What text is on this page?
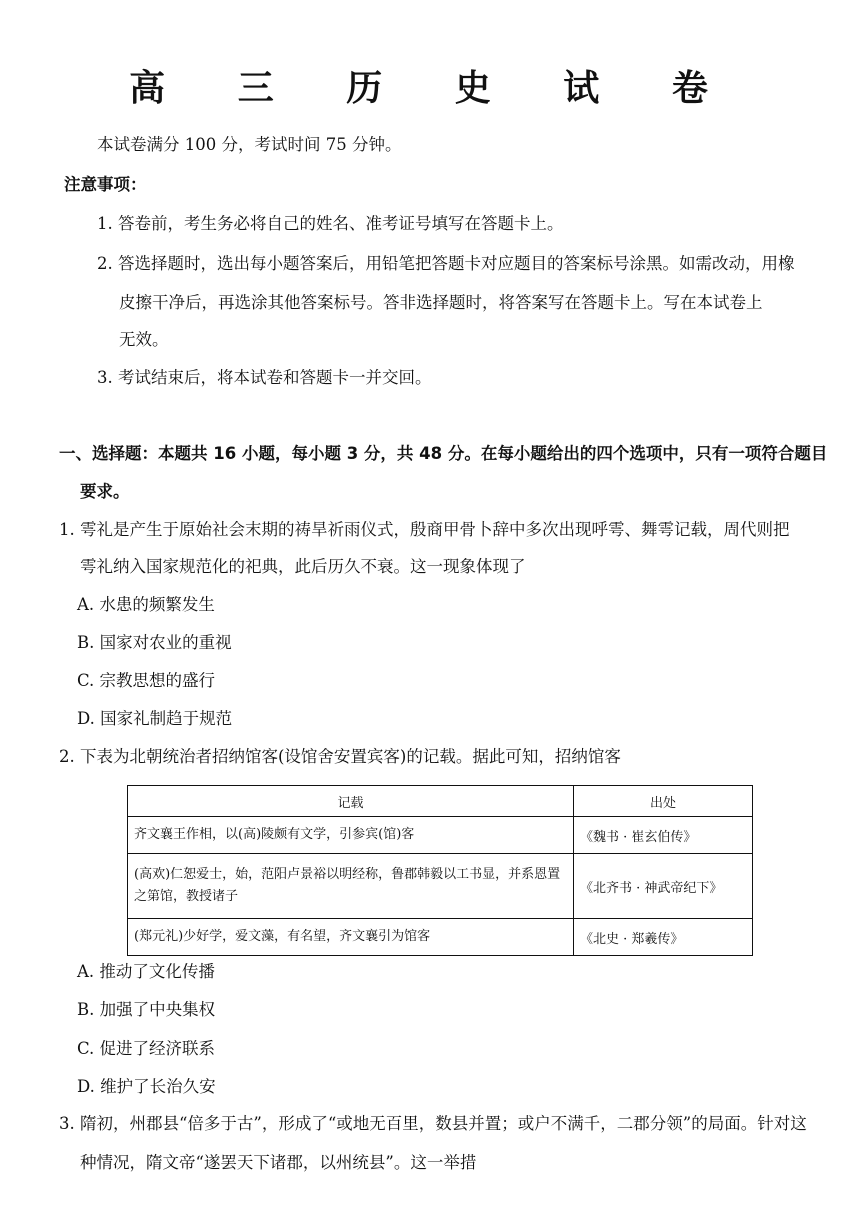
高 三 历 史 试 卷
本试卷满分 100 分，考试时间 75 分钟。
注意事项：
1. 答卷前，考生务必将自己的姓名、准考证号填写在答题卡上。
2. 答选择题时，选出每小题答案后，用铅笔把答题卡对应题目的答案标号涂黑。如需改动，用橡
皮擦干净后，再选涂其他答案标号。答非选择题时，将答案写在答题卡上。写在本试卷上
无效。
3. 考试结束后，将本试卷和答题卡一并交回。
一、选择题：本题共 16 小题，每小题 3 分，共 48 分。在每小题给出的四个选项中，只有一项符合题目
要求。
1. 雩礼是产生于原始社会末期的祷旱祈雨仪式，殷商甲骨卜辞中多次出现呼雩、舞雩记载，周代则把
雩礼纳入国家规范化的祀典，此后历久不衰。这一现象体现了
A. 水患的频繁发生
B. 国家对农业的重视
C. 宗教思想的盛行
D. 国家礼制趋于规范
2. 下表为北朝统治者招纳馆客(设馆舍安置宾客)的记载。据此可知，招纳馆客
记载	出处
齐文襄王作相，以(高)陵颇有文学，引参宾(馆)客	《魏书 · 崔玄伯传》
(高欢)仁恕爱士，始，范阳卢景裕以明经称，鲁郡韩毅以工书显，并系恩置之第馆，教授诸子	《北齐书 · 神武帝纪下》
(郑元礼)少好学，爱文藻，有名望，齐文襄引为馆客	《北史 · 郑羲传》
A. 推动了文化传播
B. 加强了中央集权
C. 促进了经济联系
D. 维护了长治久安
3. 隋初，州郡县“倍多于古”，形成了“或地无百里，数县并置；或户不满千，二郡分领”的局面。针对这
种情况，隋文帝“遂罢天下诸郡，以州统县”。这一举措
